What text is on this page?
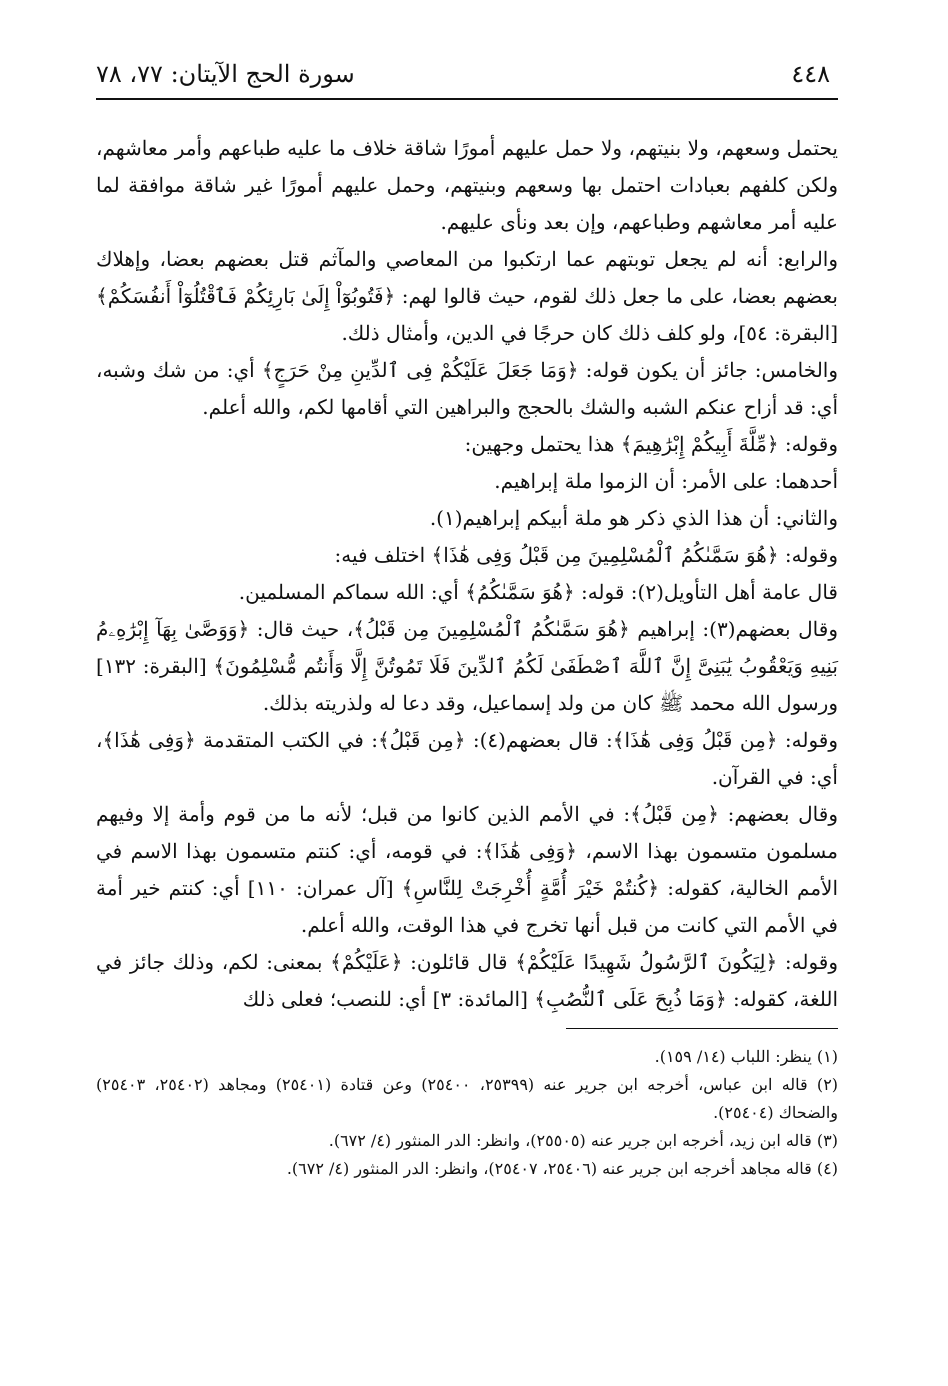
٤٤٨
سورة الحج الآيتان: ٧٧، ٧٨

يحتمل وسعهم، ولا بنيتهم، ولا حمل عليهم أمورًا شاقة خلاف ما عليه طباعهم وأمر معاشهم، ولكن كلفهم بعبادات احتمل بها وسعهم وبنيتهم، وحمل عليهم أمورًا غير شاقة موافقة لما عليه أمر معاشهم وطباعهم، وإن بعد ونأى عليهم.

والرابع: أنه لم يجعل توبتهم عما ارتكبوا من المعاصي والمآثم قتل بعضهم بعضا، وإهلاك بعضهم بعضا، على ما جعل ذلك لقوم، حيث قالوا لهم: ﴿فَتُوبُوٓاْ إِلَىٰ بَارِئِكُمْ فَٱقْتُلُوٓاْ أَنفُسَكُمْ﴾ [البقرة: ٥٤]، ولو كلف ذلك كان حرجًا في الدين، وأمثال ذلك.

والخامس: جائز أن يكون قوله: ﴿وَمَا جَعَلَ عَلَيْكُمْ فِى ٱلدِّينِ مِنْ حَرَجٍ﴾ أي: من شك وشبه، أي: قد أزاح عنكم الشبه والشك بالحجج والبراهين التي أقامها لكم، والله أعلم.

وقوله: ﴿مِّلَّةَ أَبِيكُمْ إِبْرَٰهِيمَ﴾ هذا يحتمل وجهين:

أحدهما: على الأمر: أن الزموا ملة إبراهيم.

والثاني: أن هذا الذي ذكر هو ملة أبيكم إبراهيم(١).

وقوله: ﴿هُوَ سَمَّىٰكُمُ ٱلْمُسْلِمِينَ مِن قَبْلُ وَفِى هَٰذَا﴾ اختلف فيه:

قال عامة أهل التأويل(٢): قوله: ﴿هُوَ سَمَّىٰكُمُ﴾ أي: الله سماكم المسلمين.

وقال بعضهم(٣): إبراهيم ﴿هُوَ سَمَّىٰكُمُ ٱلْمُسْلِمِينَ مِن قَبْلُ﴾، حيث قال: ﴿وَوَصَّىٰ بِهَآ إِبْرَٰهِۦمُ بَنِيهِ وَيَعْقُوبُ يَٰبَنِىَّ إِنَّ ٱللَّهَ ٱصْطَفَىٰ لَكُمُ ٱلدِّينَ فَلَا تَمُوتُنَّ إِلَّا وَأَنتُم مُّسْلِمُونَ﴾ [البقرة: ١٣٢] ورسول الله محمد ﷺ كان من ولد إسماعيل، وقد دعا له ولذريته بذلك.

وقوله: ﴿مِن قَبْلُ وَفِى هَٰذَا﴾: قال بعضهم(٤): ﴿مِن قَبْلُ﴾: في الكتب المتقدمة ﴿وَفِى هَٰذَا﴾، أي: في القرآن.

وقال بعضهم: ﴿مِن قَبْلُ﴾: في الأمم الذين كانوا من قبل؛ لأنه ما من قوم وأمة إلا وفيهم مسلمون متسمون بهذا الاسم، ﴿وَفِى هَٰذَا﴾: في قومه، أي: كنتم متسمون بهذا الاسم في الأمم الخالية، كقوله: ﴿كُنتُمْ خَيْرَ أُمَّةٍ أُخْرِجَتْ لِلنَّاسِ﴾ [آل عمران: ١١٠] أي: كنتم خير أمة في الأمم التي كانت من قبل أنها تخرج في هذا الوقت، والله أعلم.

وقوله: ﴿لِيَكُونَ ٱلرَّسُولُ شَهِيدًا عَلَيْكُمْ﴾ قال قائلون: ﴿عَلَيْكُمْ﴾ بمعنى: لكم، وذلك جائز في اللغة، كقوله: ﴿وَمَا ذُبِحَ عَلَى ٱلنُّصُبِ﴾ [المائدة: ٣] أي: للنصب؛ فعلى ذلك

(١) ينظر: اللباب (١٤/ ١٥٩).

(٢) قاله ابن عباس، أخرجه ابن جرير عنه (٢٥٣٩٩، ٢٥٤٠٠) وعن قتادة (٢٥٤٠١) ومجاهد (٢٥٤٠٢، ٢٥٤٠٣) والضحاك (٢٥٤٠٤).

(٣) قاله ابن زيد، أخرجه ابن جرير عنه (٢٥٥٠٥)، وانظر: الدر المنثور (٤/ ٦٧٢).

(٤) قاله مجاهد أخرجه ابن جرير عنه (٢٥٤٠٦، ٢٥٤٠٧)، وانظر: الدر المنثور (٤/ ٦٧٢).
